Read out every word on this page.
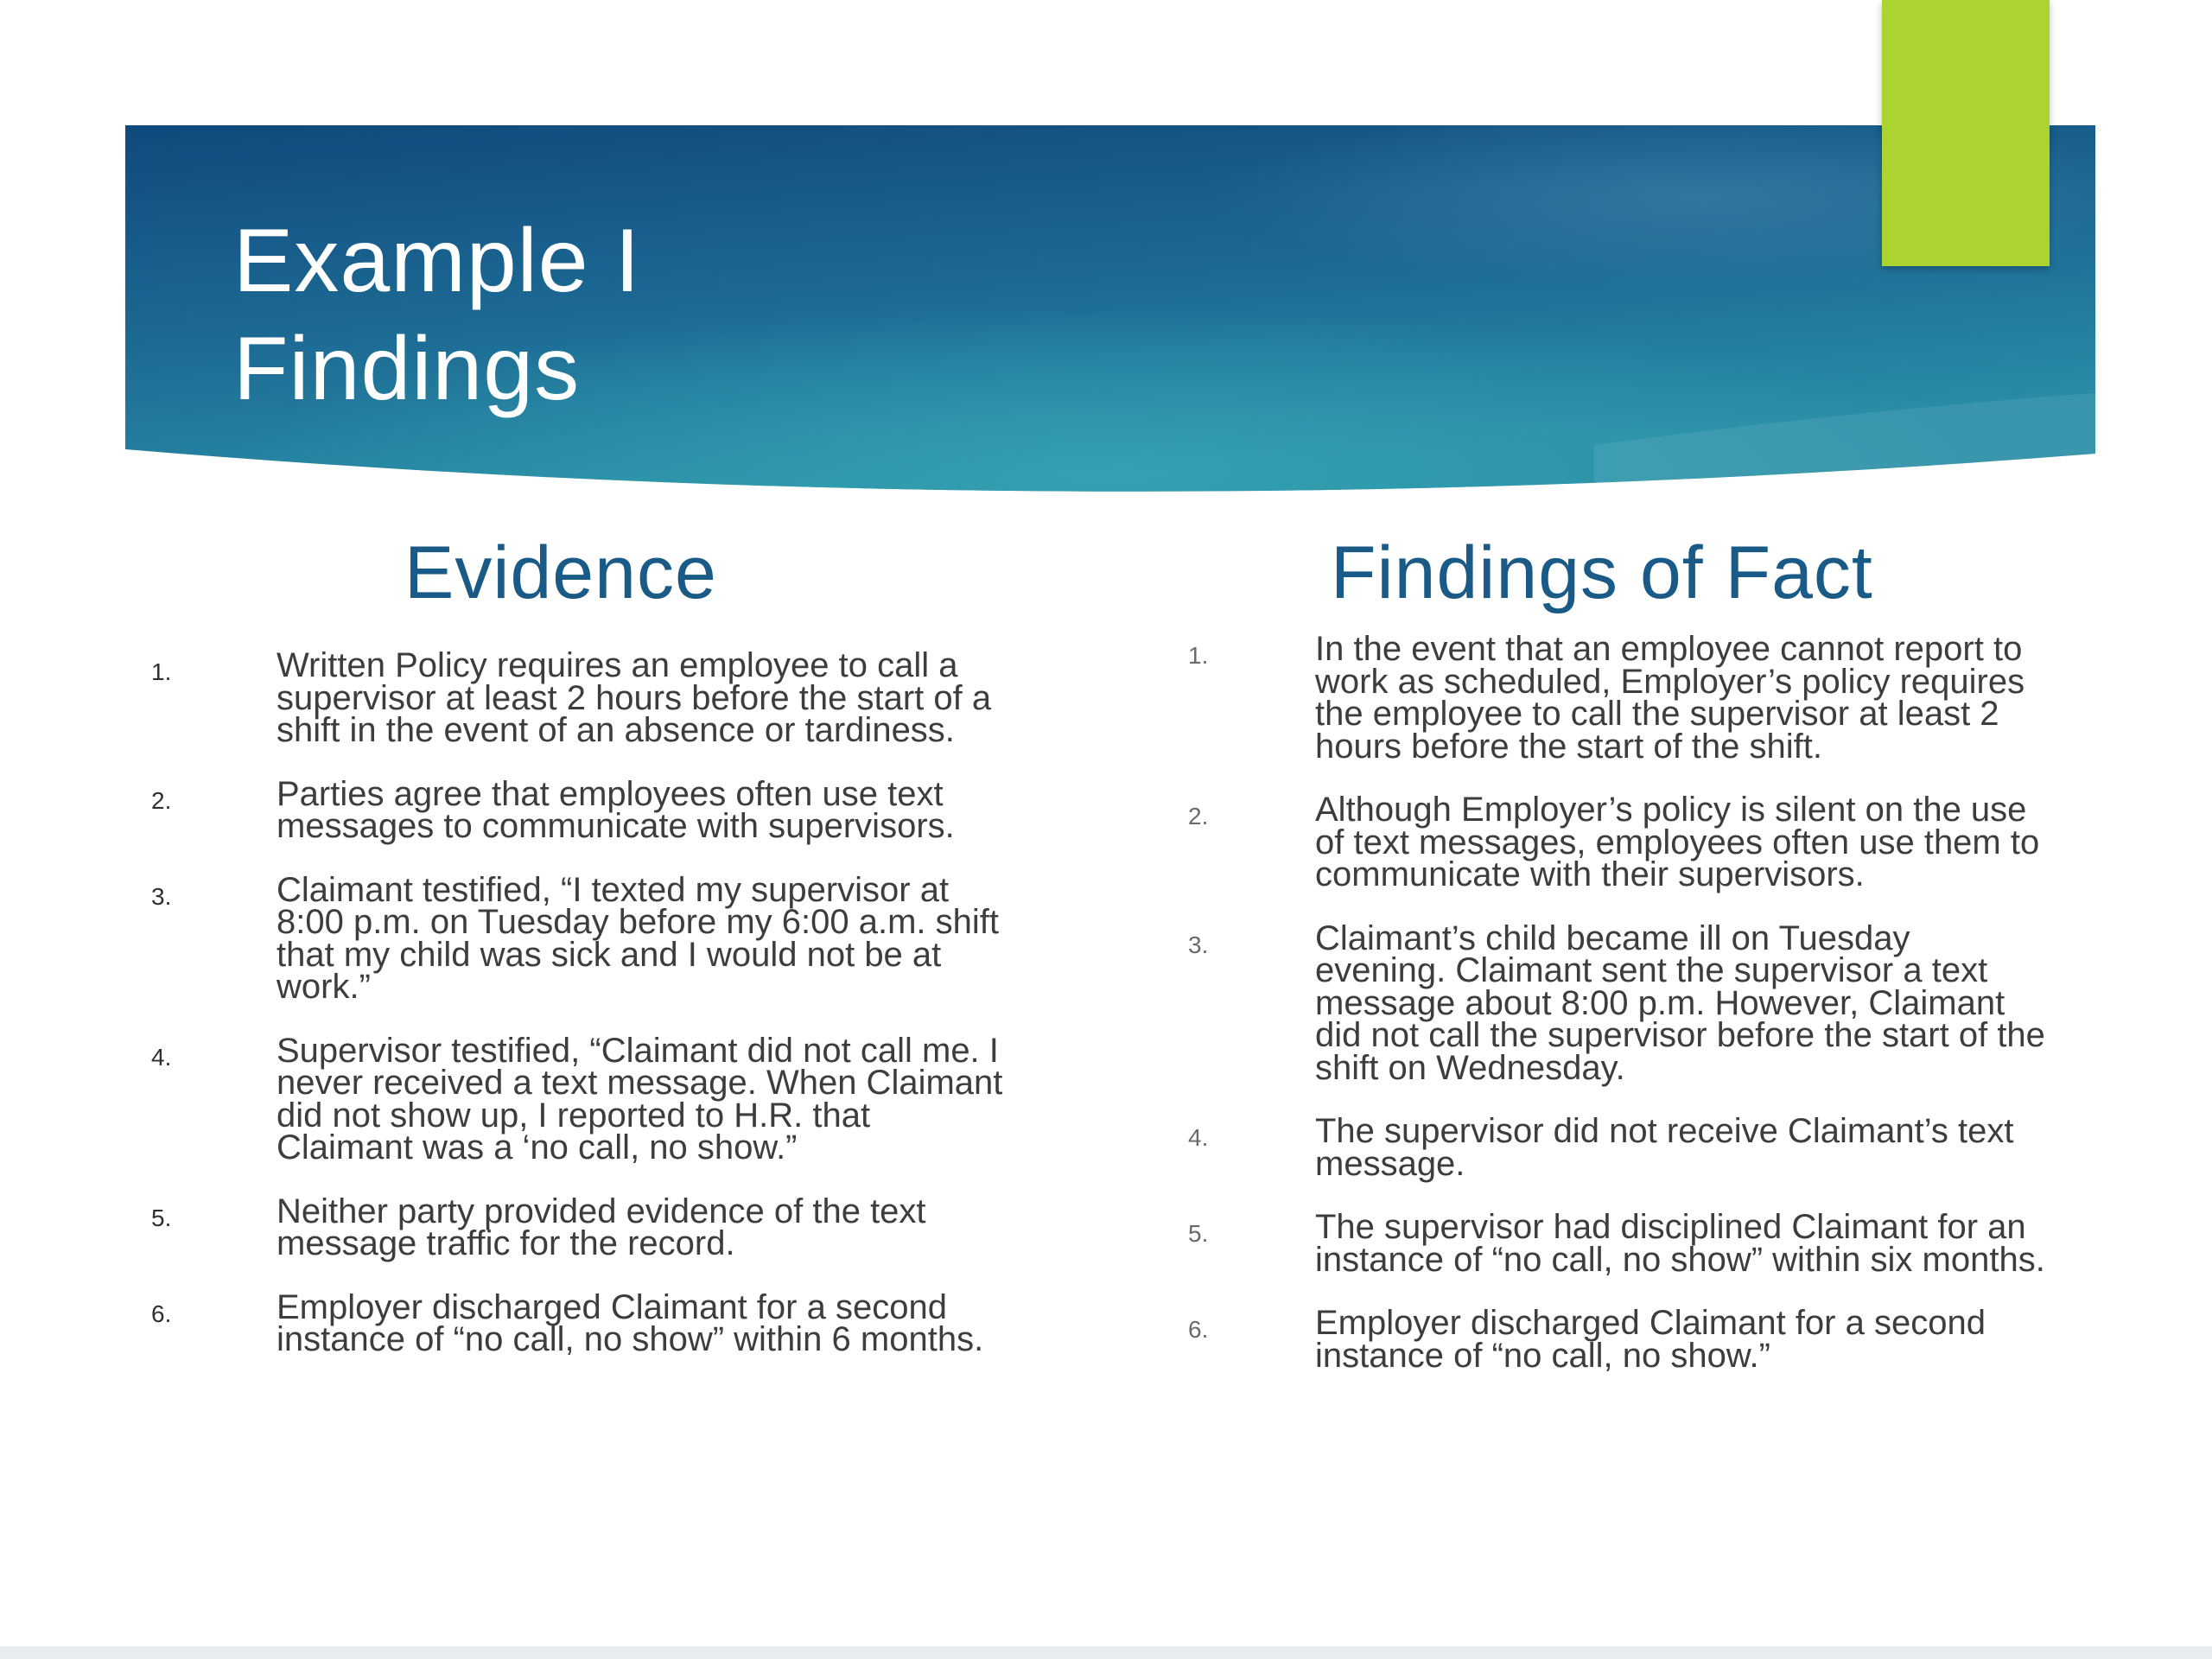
Example I
Findings
Evidence	Findings of Fact
1.	Written Policy requires an employee to call a supervisor at least 2 hours before the start of a shift in the event of an absence or tardiness.
2.	Parties agree that employees often use text messages to communicate with supervisors.
3.	Claimant testified, “I texted my supervisor at 8:00 p.m. on Tuesday before my 6:00 a.m. shift that my child was sick and I would not be at work.”
4.	Supervisor testified, “Claimant did not call me. I never received a text message. When Claimant did not show up, I reported to H.R. that Claimant was a ‘no call, no show.”
5.	Neither party provided evidence of the text message traffic for the record.
6.	Employer discharged Claimant for a second instance of “no call, no show” within 6 months.
1.	In the event that an employee cannot report to work as scheduled, Employer’s policy requires the employee to call the supervisor at least 2 hours before the start of the shift.
2.	Although Employer’s policy is silent on the use of text messages, employees often use them to communicate with their supervisors.
3.	Claimant’s child became ill on Tuesday evening. Claimant sent the supervisor a text message about 8:00 p.m. However, Claimant did not call the supervisor before the start of the shift on Wednesday.
4.	The supervisor did not receive Claimant’s text message.
5.	The supervisor had disciplined Claimant for an instance of “no call, no show” within six months.
6.	Employer discharged Claimant for a second instance of “no call, no show.”
